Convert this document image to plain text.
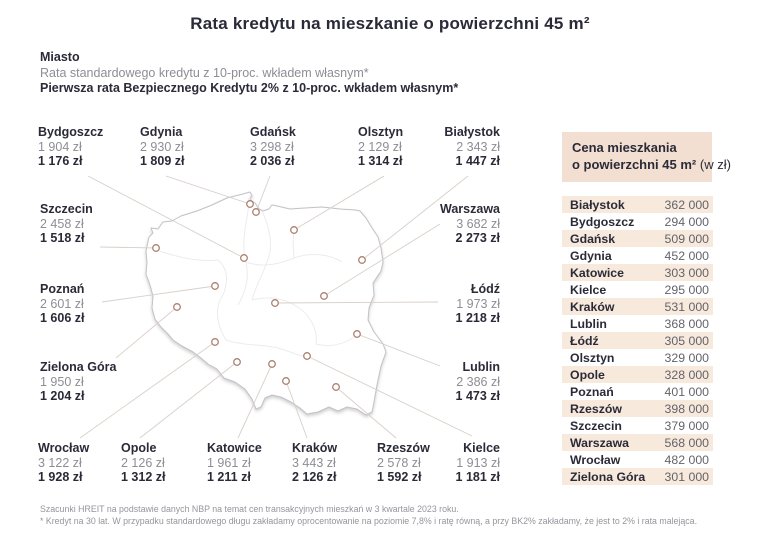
Rata kredytu na mieszkanie o powierzchni 45 m²
Miasto
Rata standardowego kredytu z 10-proc. wkładem własnym*
Pierwsza rata Bezpiecznego Kredytu 2% z 10-proc. wkładem własnym*
Bydgoszcz
1 904 zł
1 176 zł
Gdynia
2 930 zł
1 809 zł
Gdańsk
3 298 zł
2 036 zł
Olsztyn
2 129 zł
1 314 zł
Białystok
2 343 zł
1 447 zł
Szczecin
2 458 zł
1 518 zł
Warszawa
3 682 zł
2 273 zł
Poznań
2 601 zł
1 606 zł
Łódź
1 973 zł
1 218 zł
Zielona Góra
1 950 zł
1 204 zł
Lublin
2 386 zł
1 473 zł
Wrocław
3 122 zł
1 928 zł
Opole
2 126 zł
1 312 zł
Katowice
1 961 zł
1 211 zł
Kraków
3 443 zł
2 126 zł
Rzeszów
2 578 zł
1 592 zł
Kielce
1 913 zł
1 181 zł
Cena mieszkania
o powierzchni 45 m² (w zł)
Białystok	362 000
Bydgoszcz 294 000
Gdańsk	509 000
Gdynia	452 000
Katowice	303 000
Kielce	295 000
Kraków	531 000
Lublin	368 000
Łódź	305 000
Olsztyn	329 000
Opole	328 000
Poznań	401 000
Rzeszów	398 000
Szczecin	379 000
Warszawa	568 000
Wrocław	482 000
Zielona Góra 301 000
Szacunki HREIT na podstawie danych NBP na temat cen transakcyjnych mieszkań w 3 kwartale 2023 roku.
* Kredyt na 30 lat. W przypadku standardowego długu zakładamy oprocentowanie na poziomie 7,8% i ratę równą, a przy BK2% zakładamy, że jest to 2% i rata malejąca.
